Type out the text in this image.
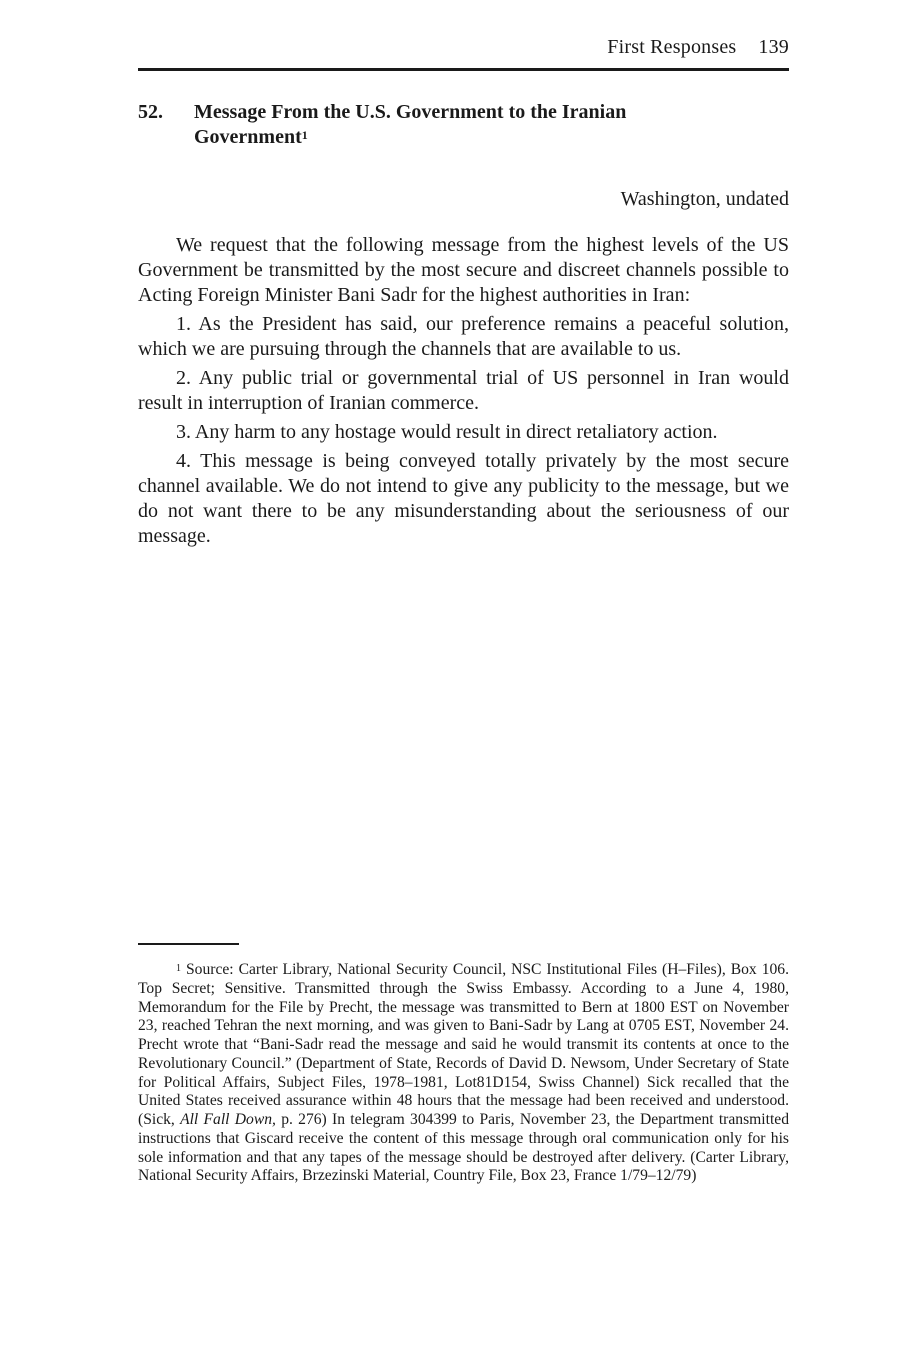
First Responses 139
52. Message From the U.S. Government to the Iranian Government$^1$
Washington, undated

We request that the following message from the highest levels of the US Government be transmitted by the most secure and discreet channels possible to Acting Foreign Minister Bani Sadr for the highest authorities in Iran:

1. As the President has said, our preference remains a peaceful solution, which we are pursuing through the channels that are available to us.

2. Any public trial or governmental trial of US personnel in Iran would result in interruption of Iranian commerce.

3. Any harm to any hostage would result in direct retaliatory action.

4. This message is being conveyed totally privately by the most secure channel available. We do not intend to give any publicity to the message, but we do not want there to be any misunderstanding about the seriousness of our message.

$^1$ Source: Carter Library, National Security Council, NSC Institutional Files (H–Files), Box 106. Top Secret; Sensitive. Transmitted through the Swiss Embassy. According to a June 4, 1980, Memorandum for the File by Precht, the message was transmitted to Bern at 1800 EST on November 23, reached Tehran the next morning, and was given to Bani-Sadr by Lang at 0705 EST, November 24. Precht wrote that “Bani-Sadr read the message and said he would transmit its contents at once to the Revolutionary Council.” (Department of State, Records of David D. Newsom, Under Secretary of State for Political Affairs, Subject Files, 1978–1981, Lot81D154, Swiss Channel) Sick recalled that the United States received assurance within 48 hours that the message had been received and understood. (Sick, All Fall Down, p. 276) In telegram 304399 to Paris, November 23, the Department transmitted instructions that Giscard receive the content of this message through oral communication only for his sole information and that any tapes of the message should be destroyed after delivery. (Carter Library, National Security Affairs, Brzezinski Material, Country File, Box 23, France 1/79–12/79)
